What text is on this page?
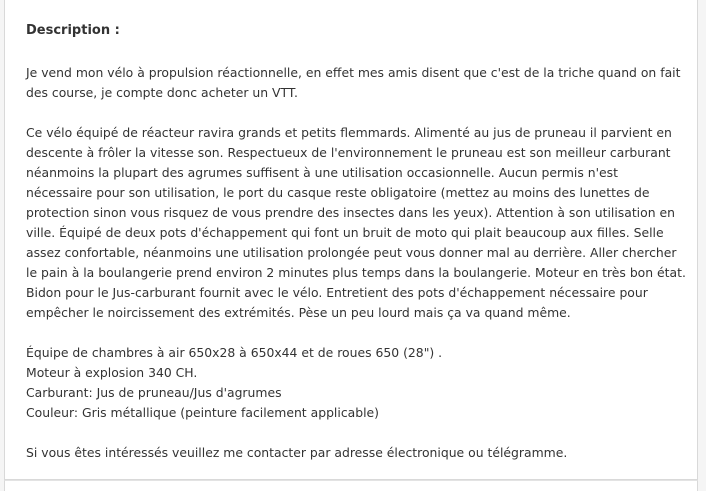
Description :

Je vend mon vélo à propulsion réactionnelle, en effet mes amis disent que c'est de la triche quand on fait des course, je compte donc acheter un VTT.

Ce vélo équipé de réacteur ravira grands et petits flemmards. Alimenté au jus de pruneau il parvient en descente à frôler la vitesse son. Respectueux de l'environnement le pruneau est son meilleur carburant néanmoins la plupart des agrumes suffisent à une utilisation occasionnelle. Aucun permis n'est nécessaire pour son utilisation, le port du casque reste obligatoire (mettez au moins des lunettes de protection sinon vous risquez de vous prendre des insectes dans les yeux). Attention à son utilisation en ville. Équipé de deux pots d'échappement qui font un bruit de moto qui plait beaucoup aux filles. Selle assez confortable, néanmoins une utilisation prolongée peut vous donner mal au derrière. Aller chercher le pain à la boulangerie prend environ 2 minutes plus temps dans la boulangerie. Moteur en très bon état. Bidon pour le Jus-carburant fournit avec le vélo. Entretient des pots d'échappement nécessaire pour empêcher le noircissement des extrémités. Pèse un peu lourd mais ça va quand même.

Équipe de chambres à air 650x28 à 650x44 et de roues 650 (28") .
Moteur à explosion 340 CH.
Carburant: Jus de pruneau/Jus d'agrumes
Couleur: Gris métallique (peinture facilement applicable)

Si vous êtes intéressés veuillez me contacter par adresse électronique ou télégramme.
